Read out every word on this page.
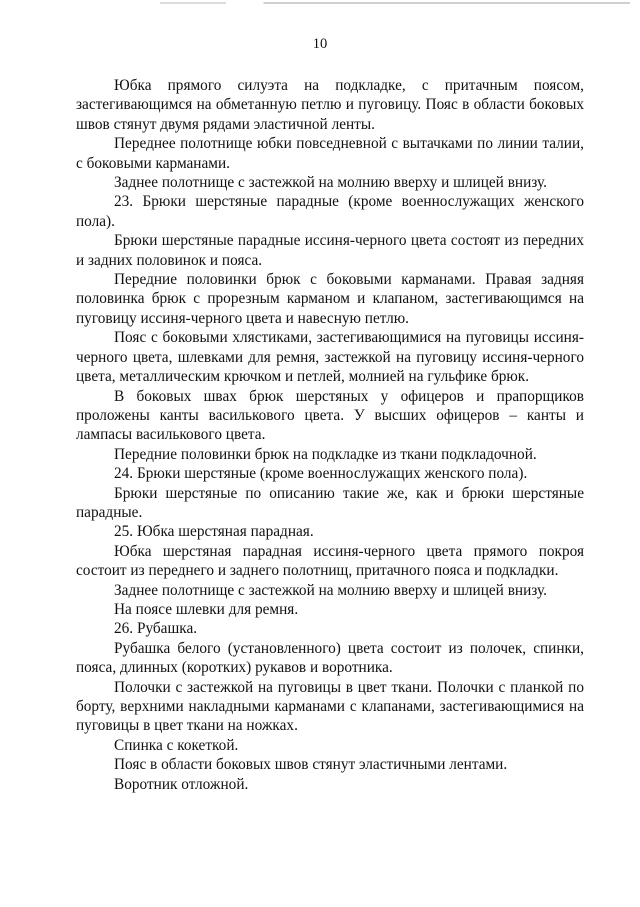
10

Юбка прямого силуэта на подкладке, с притачным поясом, застегивающимся на обметанную петлю и пуговицу. Пояс в области боковых швов стянут двумя рядами эластичной ленты.

Переднее полотнище юбки повседневной с вытачками по линии талии, с боковыми карманами.

Заднее полотнище с застежкой на молнию вверху и шлицей внизу.

23. Брюки шерстяные парадные (кроме военнослужащих женского пола).

Брюки шерстяные парадные иссиня-черного цвета состоят из передних и задних половинок и пояса.

Передние половинки брюк с боковыми карманами. Правая задняя половинка брюк с прорезным карманом и клапаном, застегивающимся на пуговицу иссиня-черного цвета и навесную петлю.

Пояс с боковыми хлястиками, застегивающимися на пуговицы иссиня-черного цвета, шлевками для ремня, застежкой на пуговицу иссиня-черного цвета, металлическим крючком и петлей, молнией на гульфике брюк.

В боковых швах брюк шерстяных у офицеров и прапорщиков проложены канты василькового цвета. У высших офицеров – канты и лампасы василькового цвета.

Передние половинки брюк на подкладке из ткани подкладочной.

24. Брюки шерстяные (кроме военнослужащих женского пола).

Брюки шерстяные по описанию такие же, как и брюки шерстяные парадные.

25. Юбка шерстяная парадная.

Юбка шерстяная парадная иссиня-черного цвета прямого покроя состоит из переднего и заднего полотнищ, притачного пояса и подкладки.

Заднее полотнище с застежкой на молнию вверху и шлицей внизу.

На поясе шлевки для ремня.

26. Рубашка.

Рубашка белого (установленного) цвета состоит из полочек, спинки, пояса, длинных (коротких) рукавов и воротника.

Полочки с застежкой на пуговицы в цвет ткани. Полочки с планкой по борту, верхними накладными карманами с клапанами, застегивающимися на пуговицы в цвет ткани на ножках.

Спинка с кокеткой.

Пояс в области боковых швов стянут эластичными лентами.

Воротник отложной.
